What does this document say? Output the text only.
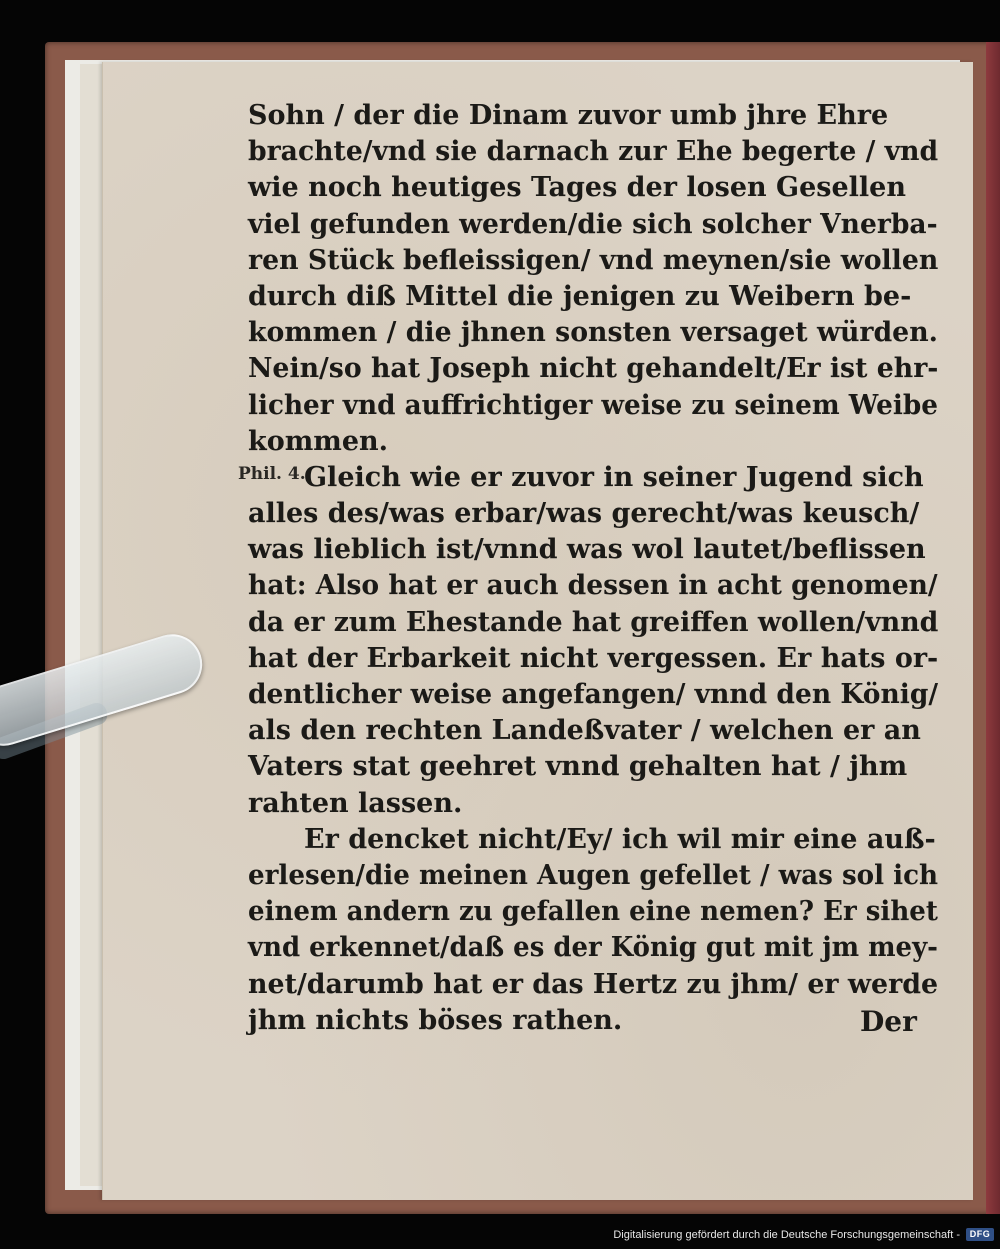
Phil. 4.
Sohn / der die Dinam zuvor umb jhre Ehre
brachte/vnd sie darnach zur Ehe begerte / vnd
wie noch heutiges Tages der losen Gesellen
viel gefunden werden/die sich solcher Vnerba-
ren Stück befleissigen/ vnd meynen/sie wollen
durch diß Mittel die jenigen zu Weibern be-
kommen / die jhnen sonsten versaget würden.
Nein/so hat Joseph nicht gehandelt/Er ist ehr-
licher vnd auffrichtiger weise zu seinem Weibe
kommen.
Gleich wie er zuvor in seiner Jugend sich
alles des/was erbar/was gerecht/was keusch/
was lieblich ist/vnnd was wol lautet/beflissen
hat: Also hat er auch dessen in acht genomen/
da er zum Ehestande hat greiffen wollen/vnnd
hat der Erbarkeit nicht vergessen. Er hats or-
dentlicher weise angefangen/ vnnd den König/
als den rechten Landeßvater / welchen er an
Vaters stat geehret vnnd gehalten hat / jhm
rahten lassen.
Er dencket nicht/Ey/ ich wil mir eine auß-
erlesen/die meinen Augen gefellet / was sol ich
einem andern zu gefallen eine nemen? Er sihet
vnd erkennet/daß es der König gut mit jm mey-
net/darumb hat er das Hertz zu jhm/ er werde
jhm nichts böses rathen.	Der
Digitalisierung gefördert durch die Deutsche Forschungsgemeinschaft -	DFG
